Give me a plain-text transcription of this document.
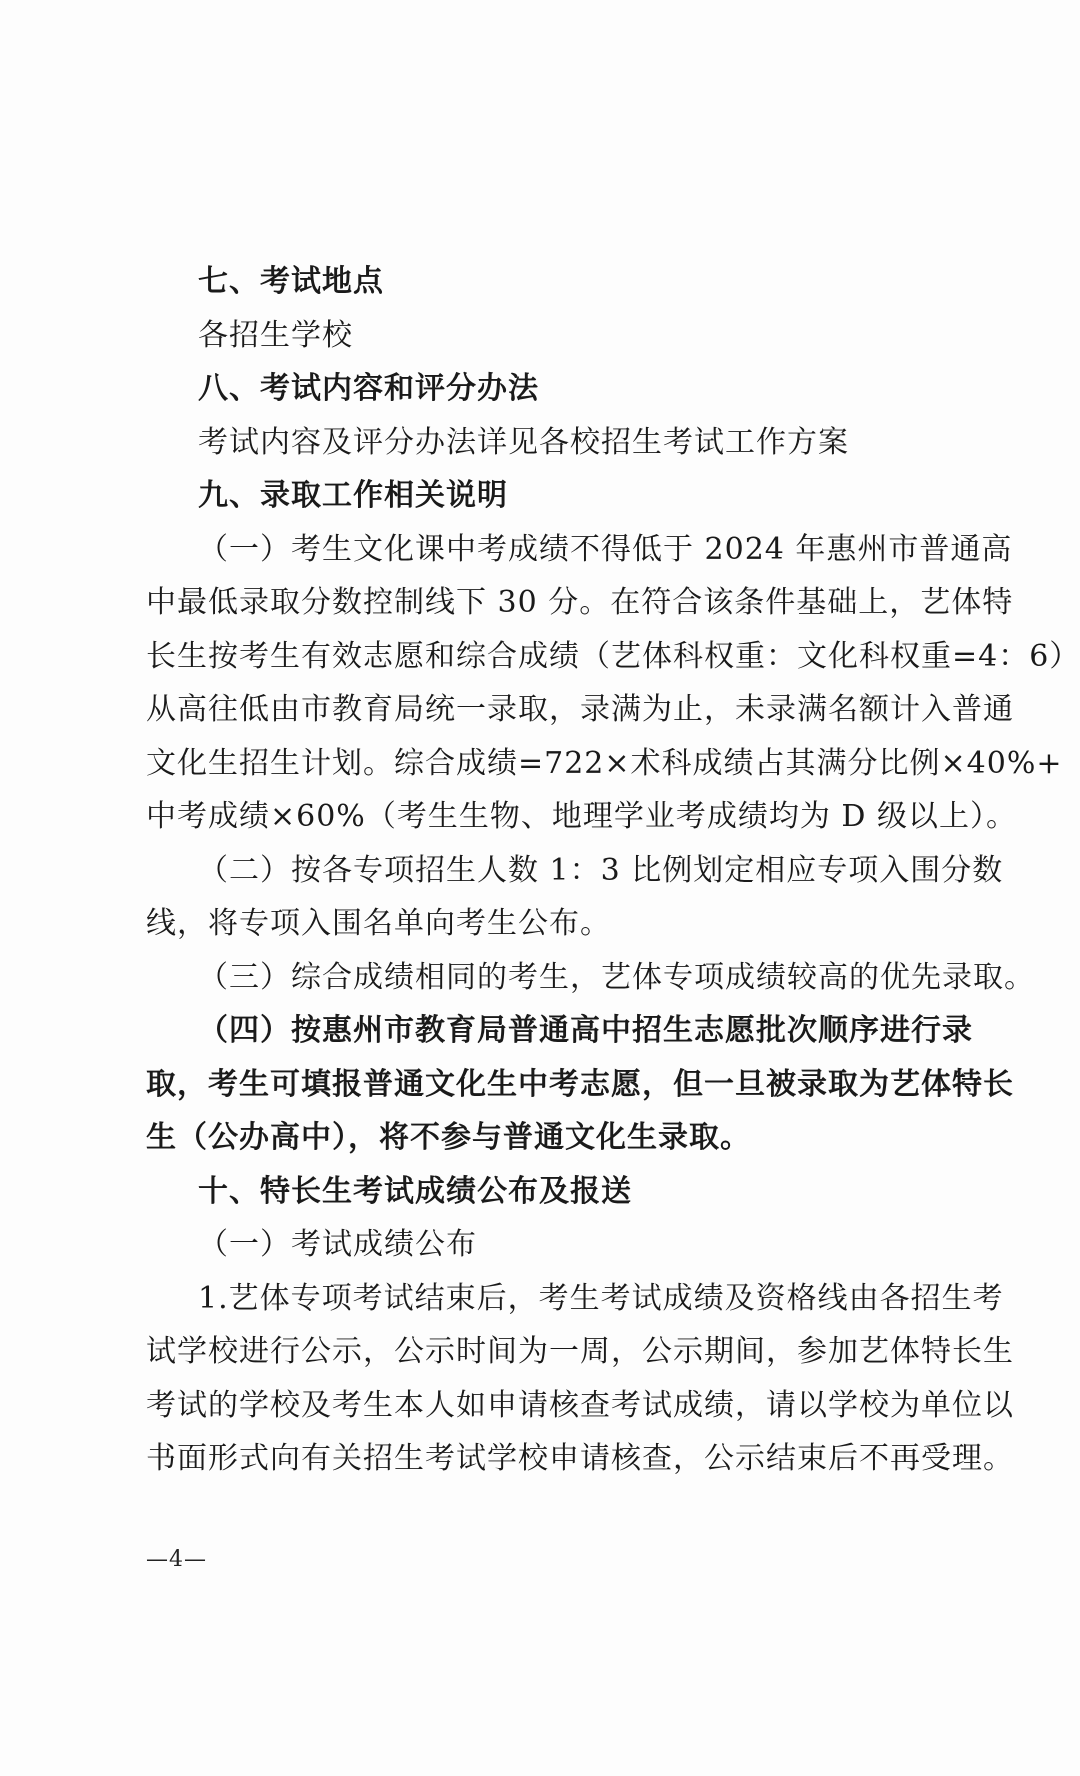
七、考试地点
各招生学校
八、考试内容和评分办法
考试内容及评分办法详见各校招生考试工作方案
九、录取工作相关说明
（一）考生文化课中考成绩不得低于 2024 年惠州市普通高
中最低录取分数控制线下 30 分。在符合该条件基础上，艺体特
长生按考生有效志愿和综合成绩（艺体科权重：文化科权重=4：6）
从高往低由市教育局统一录取，录满为止，未录满名额计入普通
文化生招生计划。综合成绩=722×术科成绩占其满分比例×40%+
中考成绩×60%（考生生物、地理学业考成绩均为 D 级以上）。
（二）按各专项招生人数 1：3 比例划定相应专项入围分数
线，将专项入围名单向考生公布。
（三）综合成绩相同的考生，艺体专项成绩较高的优先录取。
（四）按惠州市教育局普通高中招生志愿批次顺序进行录
取，考生可填报普通文化生中考志愿，但一旦被录取为艺体特长
生（公办高中），将不参与普通文化生录取。
十、特长生考试成绩公布及报送
（一）考试成绩公布
1.艺体专项考试结束后，考生考试成绩及资格线由各招生考
试学校进行公示，公示时间为一周，公示期间，参加艺体特长生
考试的学校及考生本人如申请核查考试成绩，请以学校为单位以
书面形式向有关招生考试学校申请核查，公示结束后不再受理。
—4—
